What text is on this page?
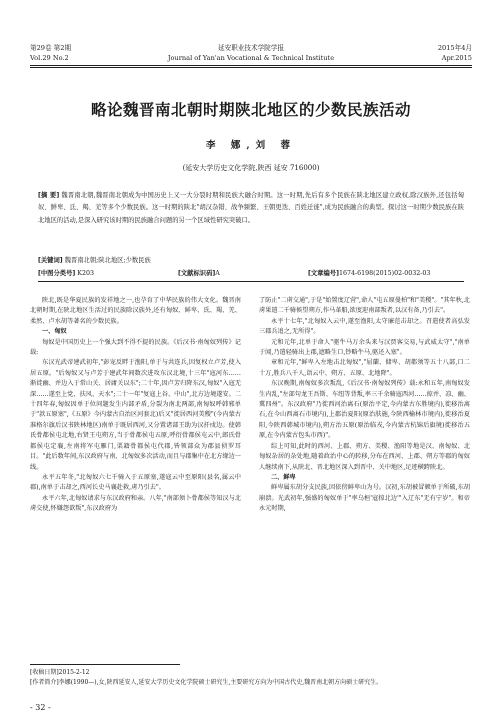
第29卷 第2期
Vol.29 No.2
延安职业技术学院学报
Journal of Yan'an Vocational & Technical Institute
2015年4月
Apr.2015
略论魏晋南北朝时期陕北地区的少数民族活动
李 娜,刘 蓉
(延安大学历史文化学院,陕西 延安 716000)
[摘 要] 魏晋南北朝,魏晋南北朝成为中国历史上又一大分裂时期和民族大融合时期。这一时期,先后有多个民族在陕北地区建立政权,除汉族外,还包括匈奴、鲜卑、氐、羯、羌等多个少数民族。这一时期的陕北"胡汉杂错、战争频繁、王朝更迭、百姓迁徙",成为民族融合的典型。探讨这一时期少数民族在陕北地区的活动,是深入研究该时期的民族融合问题的另一个区域性研究突破口。
[关键词] 魏晋南北朝;陕北地区;少数民族
[中图分类号] K203	[文献标识码]A	[文章编号]1674-6198(2015)02-0032-03

陕北,既是华夏民族的发祥地之一,也孕育了中华民族的伟大文化。魏晋南北朝时期,在陕北地区生活过的民族除汉族外,还有匈奴、鲜卑、氐、羯、羌、柔然、卢水胡等著名的少数民族。

一、匈奴

匈奴是中国历史上一个强大到不得不提的民族。《后汉书·南匈奴列传》记载:

东汉光武帝建武初年,"彭宠反畔于渔阳,单于与共连兵,因复权立卢芳,使入居五原。"后匈奴又与卢芳于建武年间数次进攻东汉北境,十三年"寇河东……渐徙幽、并边入于常山关、居庸关以东";二十年,因卢芳归降东汉,匈奴"入寇无深……遂至上党、扶风、天水";二十一年"复寇上谷、中山",北方边境遂安。二十四年春,匈奴因单于位问题发生内部矛盾,分裂为南北两部,南匈奴呼韩邪单于"款五原塞",《五原》今内蒙古自治区河套北)后又"徙居西河美稷"(今内蒙古准格尔旗后汉书陕林地区)南单于既居西河,又分置诸部王助为汉扞戍边。使韩氏骨都侯屯北地,右贤王屯朔方,当于骨都侯屯五原,呼衍骨都侯屯云中,郎氏骨都侯屯定襄,左南将军屯雁门,栗籍骨都侯屯代郡,皆领部众为郡县侦罗耳目。"此后数年间,东汉政府与南、北匈奴多次活动,而且与郡集中在北方缘边一线。

永平五年冬,"北匈奴六七千骑入于五原塞,遂寇云中至原阳(县名,属云中郡),南单于击却之,西河长史马襄赴救,虏乃引去"。

永平六年,北匈奴请求与东汉政府和亲。八年,"南部须卜骨都侯等知汉与北虏交使,怀嫌怨欲叛",东汉政府为

了防止"二虏交通",于是"始置度辽营",命人"屯五原曼柏"和"美稷"。"其年秋,北虏果遣二千骑候望朔方,作马革船,欲度迎南部叛者,以汉有备,乃引去"。

永平十七年,"北匈奴入云中,遂至渔阳,太守廉范击却之。召遣使者高弘发三郡兵追之,无所得"。

元和元年,北单于命人"驱牛马万余头来与汉贾客交易,与武威太守","南单于闻,乃遣轻骑出上郡,遮略生口,钞略牛马,驱还入塞"。

章和元年,"鲜卑入左地击北匈奴","屈蘭、储卑、胡都须等五十八部,口二十万,胜兵八千人,诣云中、朔方、五原、北地降"。

东汉晚期,南匈奴多次叛乱,《后汉书·南匈奴列传》载:永和五年,南匈奴发生内乱,"左部句龙王吾斯、车纽等背叛,率三千余骑寇西河……掠并、凉、幽、冀四州"。东汉政府"乃徙西河治离石(原治平定,今内蒙古东胜境内),徙移治离石,在今山西离石市境内),上郡治夏阳(原治肤施,今陕西榆林市境内),徙移治夏阳,今陕西韩城市境内),朔方治五原(原治临戎,今内蒙古杭锦后旗境)徙移治五原,在今内蒙古包头市西)"。

综上可知,此时的西河、上郡、朔方、美稷、渔阳等地是汉、南匈奴、北匈奴杂居的杂处地,随着政治中心的转移,分布在西河、上郡、朔方等郡的匈奴人继续南下,从陕北、晋北地区深入到晋中、关中地区,足迹横跨陕北。

二、鲜卑

鲜卑属东胡分支民族,因依傍鲜卑山为号。汉初,东胡被冒顿单于所破,东胡崩溃。光武初年,强盛的匈奴单于"率乌桓'寇掠北边'"入辽东"无有宁岁"。和帝永元时期,

[收稿日期]2015-2-12
[作者简介]李娜(1990—),女,陕西延安人,延安大学历史文化学院硕士研究生,主要研究方向为中国古代史,魏晋南北朝方向硕士研究生。
- 32 -
